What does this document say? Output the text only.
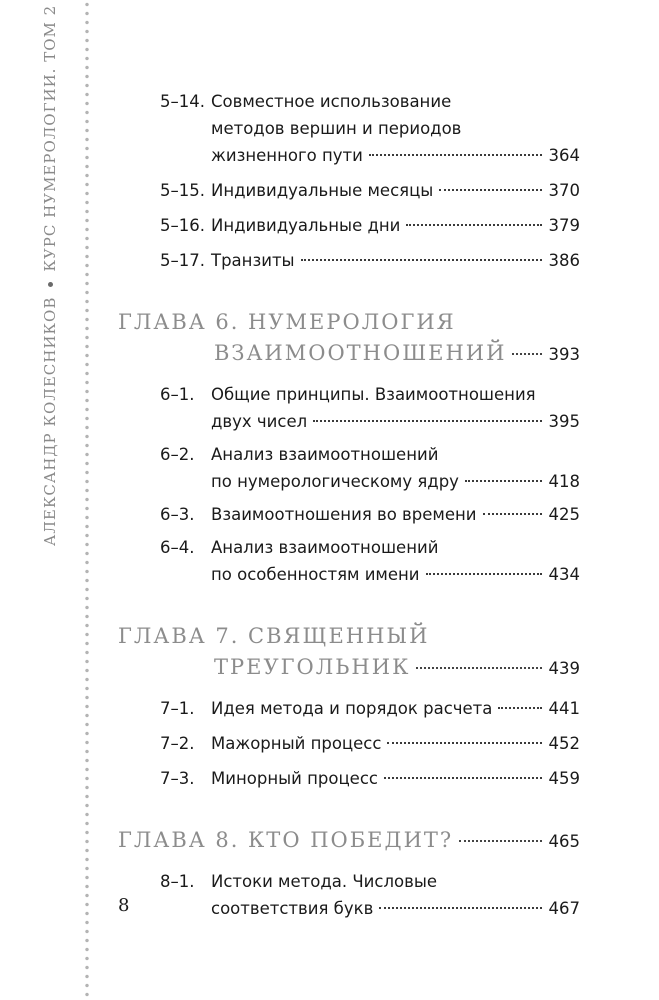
АЛЕКСАНДР КОЛЕСНИКОВКУРС НУМЕРОЛОГИИ. ТОМ 2	5–14. Совместное использование
методов вершин и периодов
жизненного пути	364
5–15. Индивидуальные месяцы	370
5–16. Индивидуальные дни	379
5–17. Транзиты	386
ГЛАВА 6. НУМЕРОЛОГИЯ
ВЗАИМООТНОШЕНИЙ	393
6–1. Общие принципы. Взаимоотношения
двух чисел	395
6–2. Анализ взаимоотношений
по нумерологическому ядру	418
6–3. Взаимоотношения во времени	425
6–4. Анализ взаимоотношений
по особенностям имени	434
ГЛАВА 7. СВЯЩЕННЫЙ
ТРЕУГОЛЬНИК	439
7–1. Идея метода и порядок расчета	441
7–2. Мажорный процесс	452
7–3. Минорный процесс	459
ГЛАВА 8. КТО ПОБЕДИТ?	465
8–1. Истоки метода. Числовые
соответствия букв	467
8
